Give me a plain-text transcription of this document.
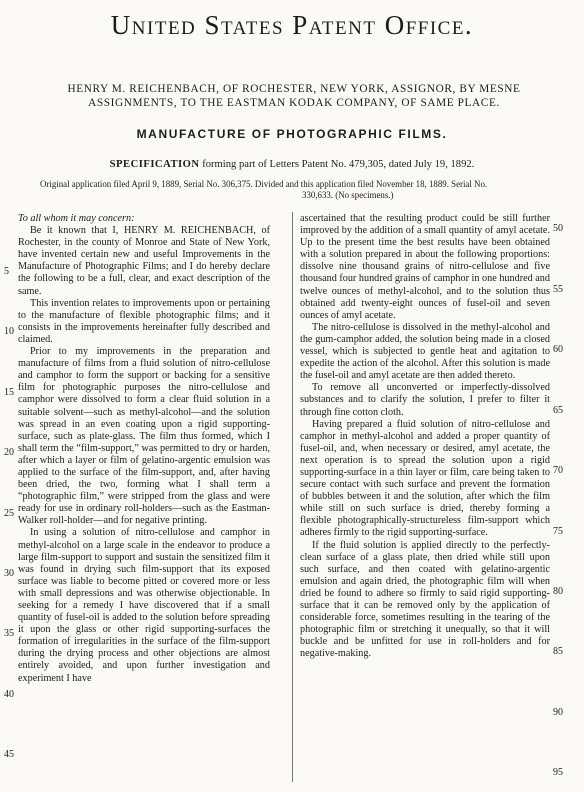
United States Patent Office.
HENRY M. REICHENBACH, OF ROCHESTER, NEW YORK, ASSIGNOR, BY MESNE ASSIGNMENTS, TO THE EASTMAN KODAK COMPANY, OF SAME PLACE.
MANUFACTURE OF PHOTOGRAPHIC FILMS.
SPECIFICATION forming part of Letters Patent No. 479,305, dated July 19, 1892.
Original application filed April 9, 1889, Serial No. 306,375. Divided and this application filed November 18, 1889. Serial No.
330,633. (No specimens.)

To all whom it may concern:

Be it known that I, HENRY M. REICHENBACH, of Rochester, in the county of Monroe and State of New York, have invented certain new and useful Improvements in the Manufacture of Photographic Films; and I do hereby declare the following to be a full, clear, and exact description of the same.

This invention relates to improvements upon or pertaining to the manufacture of flexible photographic films; and it consists in the improvements hereinafter fully described and claimed.

Prior to my improvements in the preparation and manufacture of films from a fluid solution of nitro-cellulose and camphor to form the support or backing for a sensitive film for photographic purposes the nitro-cellulose and camphor were dissolved to form a clear fluid solution in a suitable solvent—such as methyl-alcohol—and the solution was spread in an even coating upon a rigid supporting-surface, such as plate-glass. The film thus formed, which I shall term the “film-support,” was permitted to dry or harden, after which a layer or film of gelatino-argentic emulsion was applied to the surface of the film-support, and, after having been dried, the two, forming what I shall term a “photographic film,” were stripped from the glass and were ready for use in ordinary roll-holders—such as the Eastman-Walker roll-holder—and for negative printing.

In using a solution of nitro-cellulose and camphor in methyl-alcohol on a large scale in the endeavor to produce a large film-support to support and sustain the sensitized film it was found in drying such film-support that its exposed surface was liable to become pitted or covered more or less with small depressions and was otherwise objectionable. In seeking for a remedy I have discovered that if a small quantity of fusel-oil is added to the solution before spreading it upon the glass or other rigid supporting-surfaces the formation of irregularities in the surface of the film-support during the drying process and other objections are almost entirely avoided, and upon further investigation and experiment I have

ascertained that the resulting product could be still further improved by the addition of a small quantity of amyl acetate. Up to the present time the best results have been obtained with a solution prepared in about the following proportions: dissolve nine thousand grains of nitro-cellulose and five thousand four hundred grains of camphor in one hundred and twelve ounces of methyl-alcohol, and to the solution thus obtained add twenty-eight ounces of fusel-oil and seven ounces of amyl acetate.

The nitro-cellulose is dissolved in the methyl-alcohol and the gum-camphor added, the solution being made in a closed vessel, which is subjected to gentle heat and agitation to expedite the action of the alcohol. After this solution is made the fusel-oil and amyl acetate are then added thereto.

To remove all unconverted or imperfectly-dissolved substances and to clarify the solution, I prefer to filter it through fine cotton cloth.

Having prepared a fluid solution of nitro-cellulose and camphor in methyl-alcohol and added a proper quantity of fusel-oil, and, when necessary or desired, amyl acetate, the next operation is to spread the solution upon a rigid supporting-surface in a thin layer or film, care being taken to secure contact with such surface and prevent the formation of bubbles between it and the solution, after which the film while still on such surface is dried, thereby forming a flexible photographically-structureless film-support which adheres firmly to the rigid supporting-surface.

If the fluid solution is applied directly to the perfectly-clean surface of a glass plate, then dried while still upon such surface, and then coated with gelatino-argentic emulsion and again dried, the photographic film will when dried be found to adhere so firmly to said rigid supporting-surface that it can be removed only by the application of considerable force, sometimes resulting in the tearing of the photographic film or stretching it unequally, so that it will buckle and be unfitted for use in roll-holders and for negative-making.

5
10
15
20
25
30
35
40
45
50
55
60
65
70
75
80
85
90
95
